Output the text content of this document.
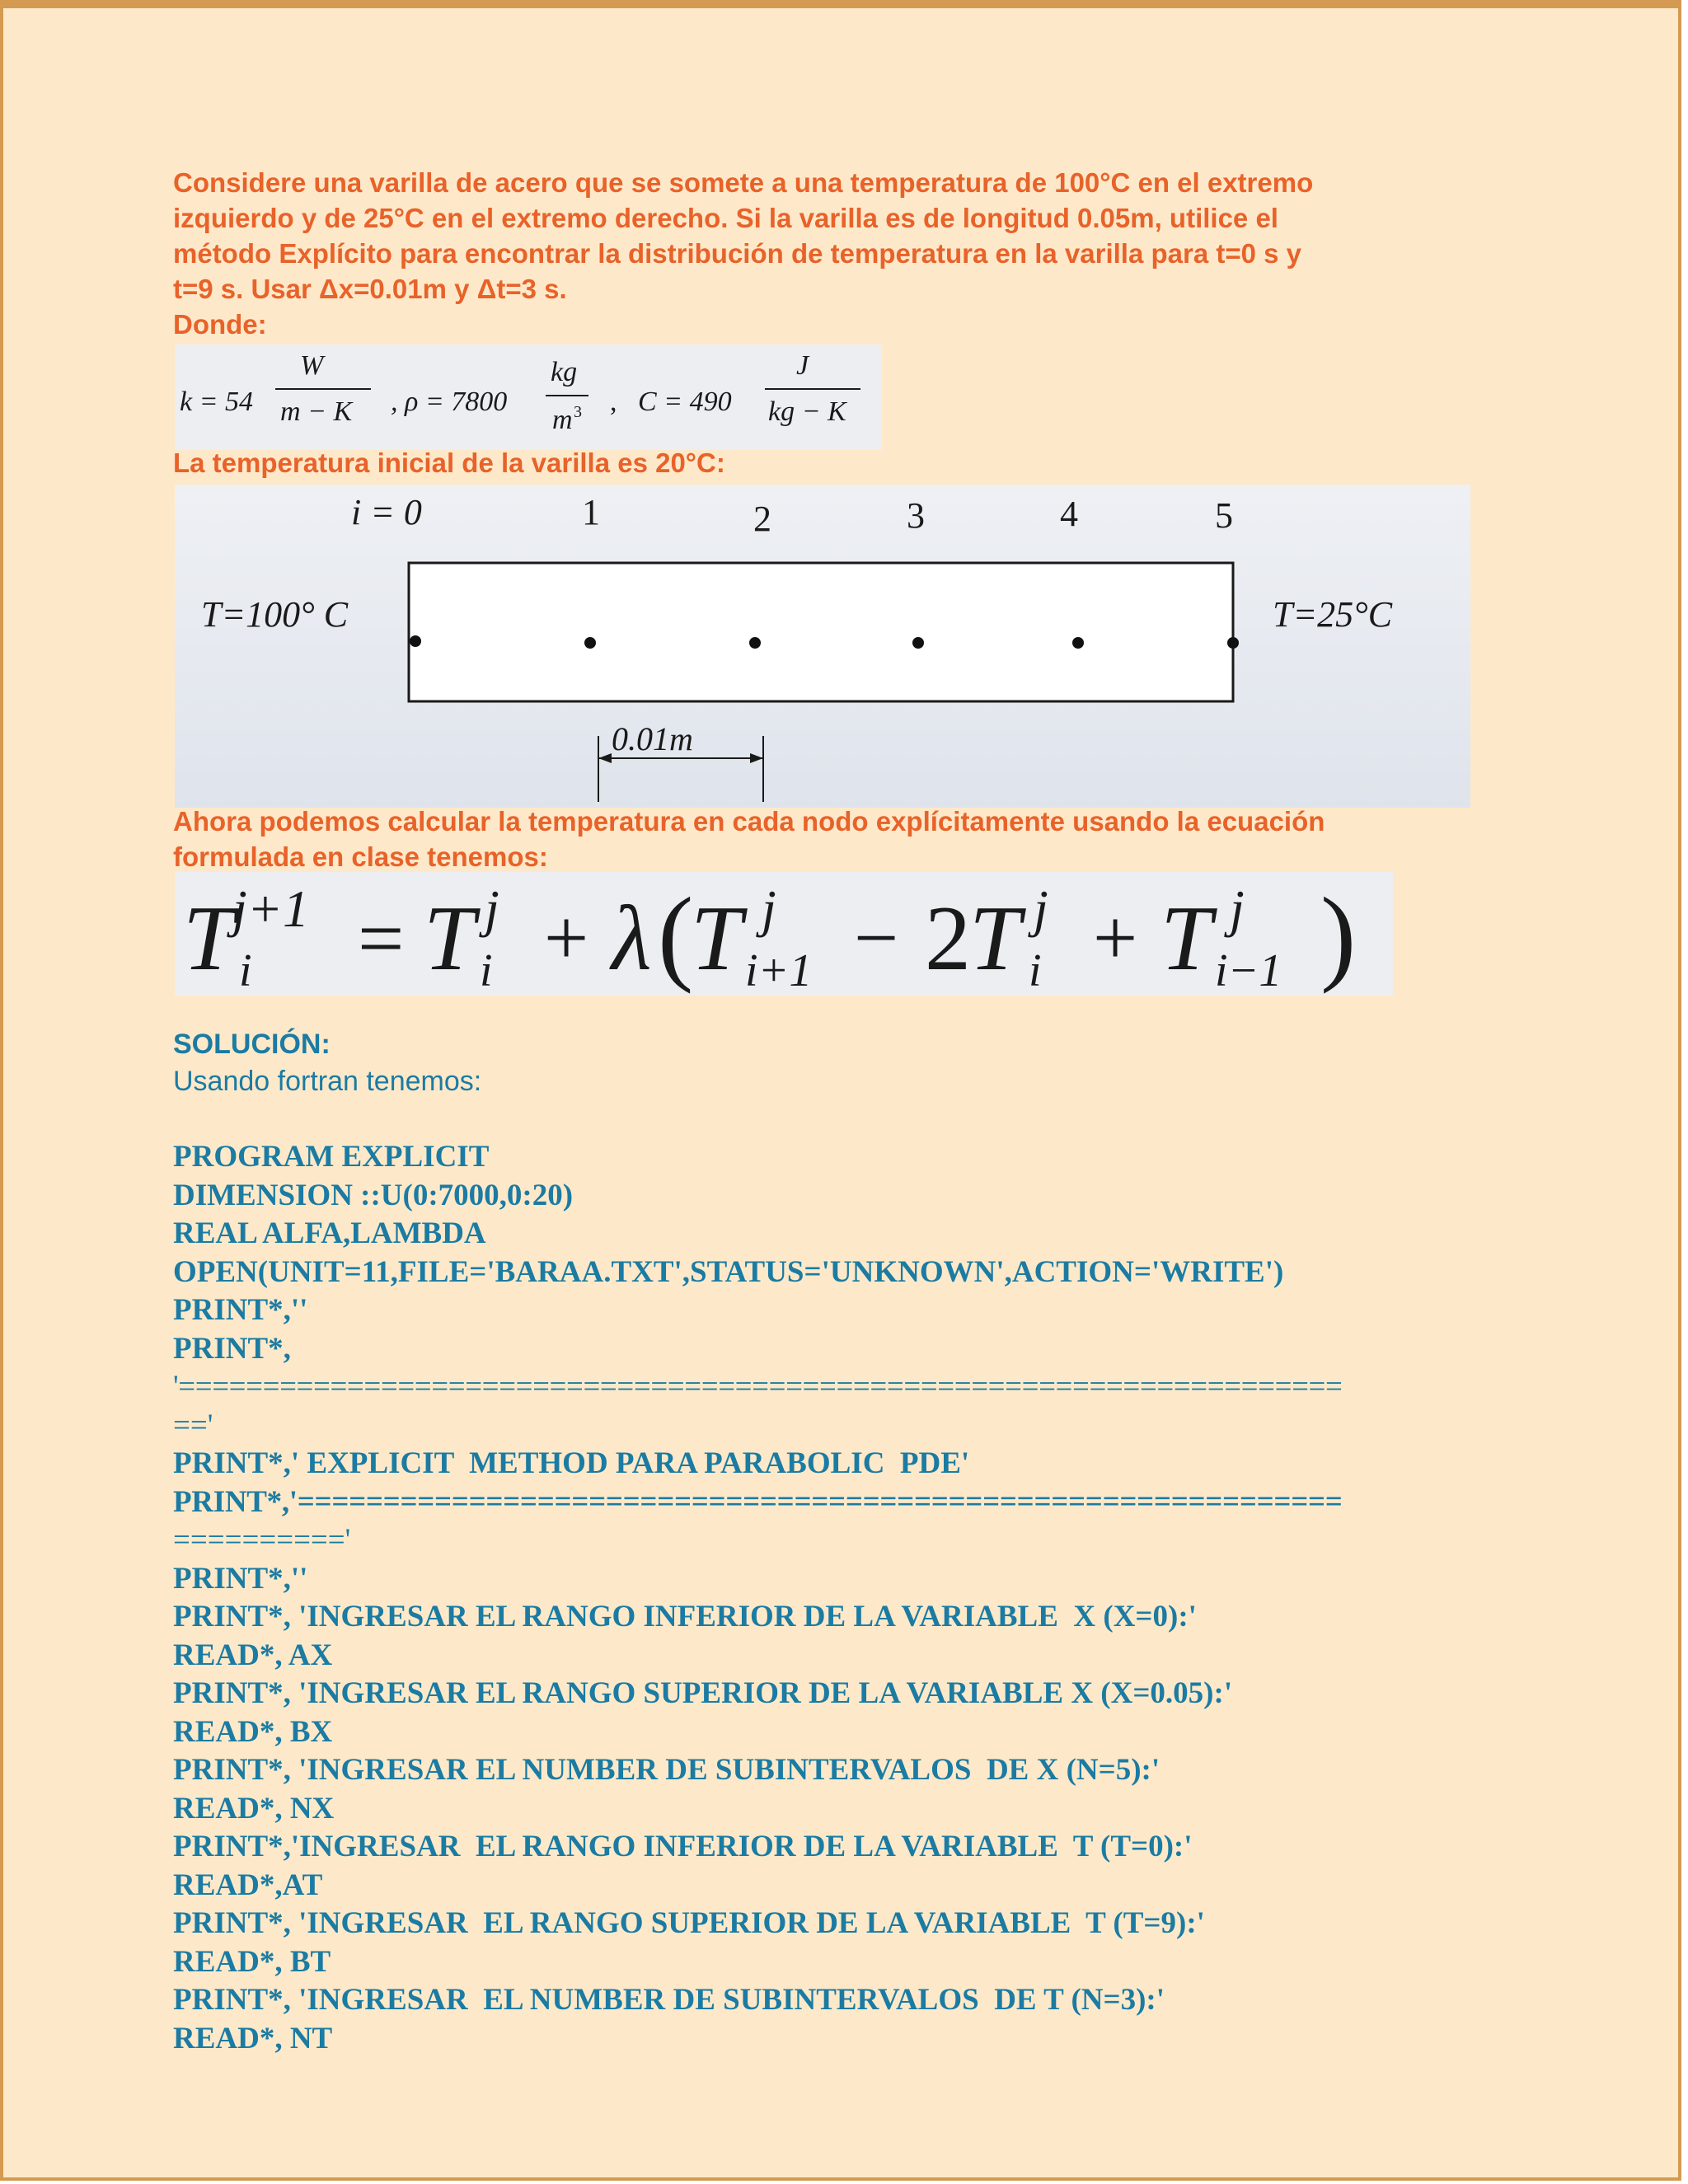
Considere una varilla de acero que se somete a una temperatura de 100°C en el extremo

izquierdo y de 25°C en el extremo derecho. Si la varilla es de longitud 0.05m, utilice el

método Explícito para encontrar la distribución de temperatura en la varilla para t=0 s y

t=9 s. Usar Δx=0.01m y Δt=3 s.

Donde:

k = 54
W
m − K , ρ = 7800
kg
m 3 , C = 490
J
kg − K

La temperatura inicial de la varilla es 20°C:

i = 0	1	2	3	4	5
T=100° C	T=25°C
0.01m

Ahora podemos calcular la temperatura en cada nodo explícitamente usando la ecuación

formulada en clase tenemos:

T
j+1
i = T j
i + λ (
T j
i+1 − 2
T j
i + T j
i−1 )

SOLUCIÓN:

Usando fortran tenemos:

PROGRAM EXPLICIT

DIMENSION ::U(0:7000,0:20)

REAL ALFA,LAMBDA

OPEN(UNIT=11,FILE='BARAA.TXT',STATUS='UNKNOWN',ACTION='WRITE')

PRINT*,''

PRINT*,

'=====================================================================

=='

PRINT*,' EXPLICIT  METHOD PARA PARABOLIC  PDE'

PRINT*,'=============================================================

=========='

PRINT*,''

PRINT*, 'INGRESAR EL RANGO INFERIOR DE LA VARIABLE  X (X=0):'

READ*, AX

PRINT*, 'INGRESAR EL RANGO SUPERIOR DE LA VARIABLE X (X=0.05):'

READ*, BX

PRINT*, 'INGRESAR EL NUMBER DE SUBINTERVALOS  DE X (N=5):'

READ*, NX

PRINT*,'INGRESAR  EL RANGO INFERIOR DE LA VARIABLE  T (T=0):'

READ*,AT

PRINT*, 'INGRESAR  EL RANGO SUPERIOR DE LA VARIABLE  T (T=9):'

READ*, BT

PRINT*, 'INGRESAR  EL NUMBER DE SUBINTERVALOS  DE T (N=3):'

READ*, NT
